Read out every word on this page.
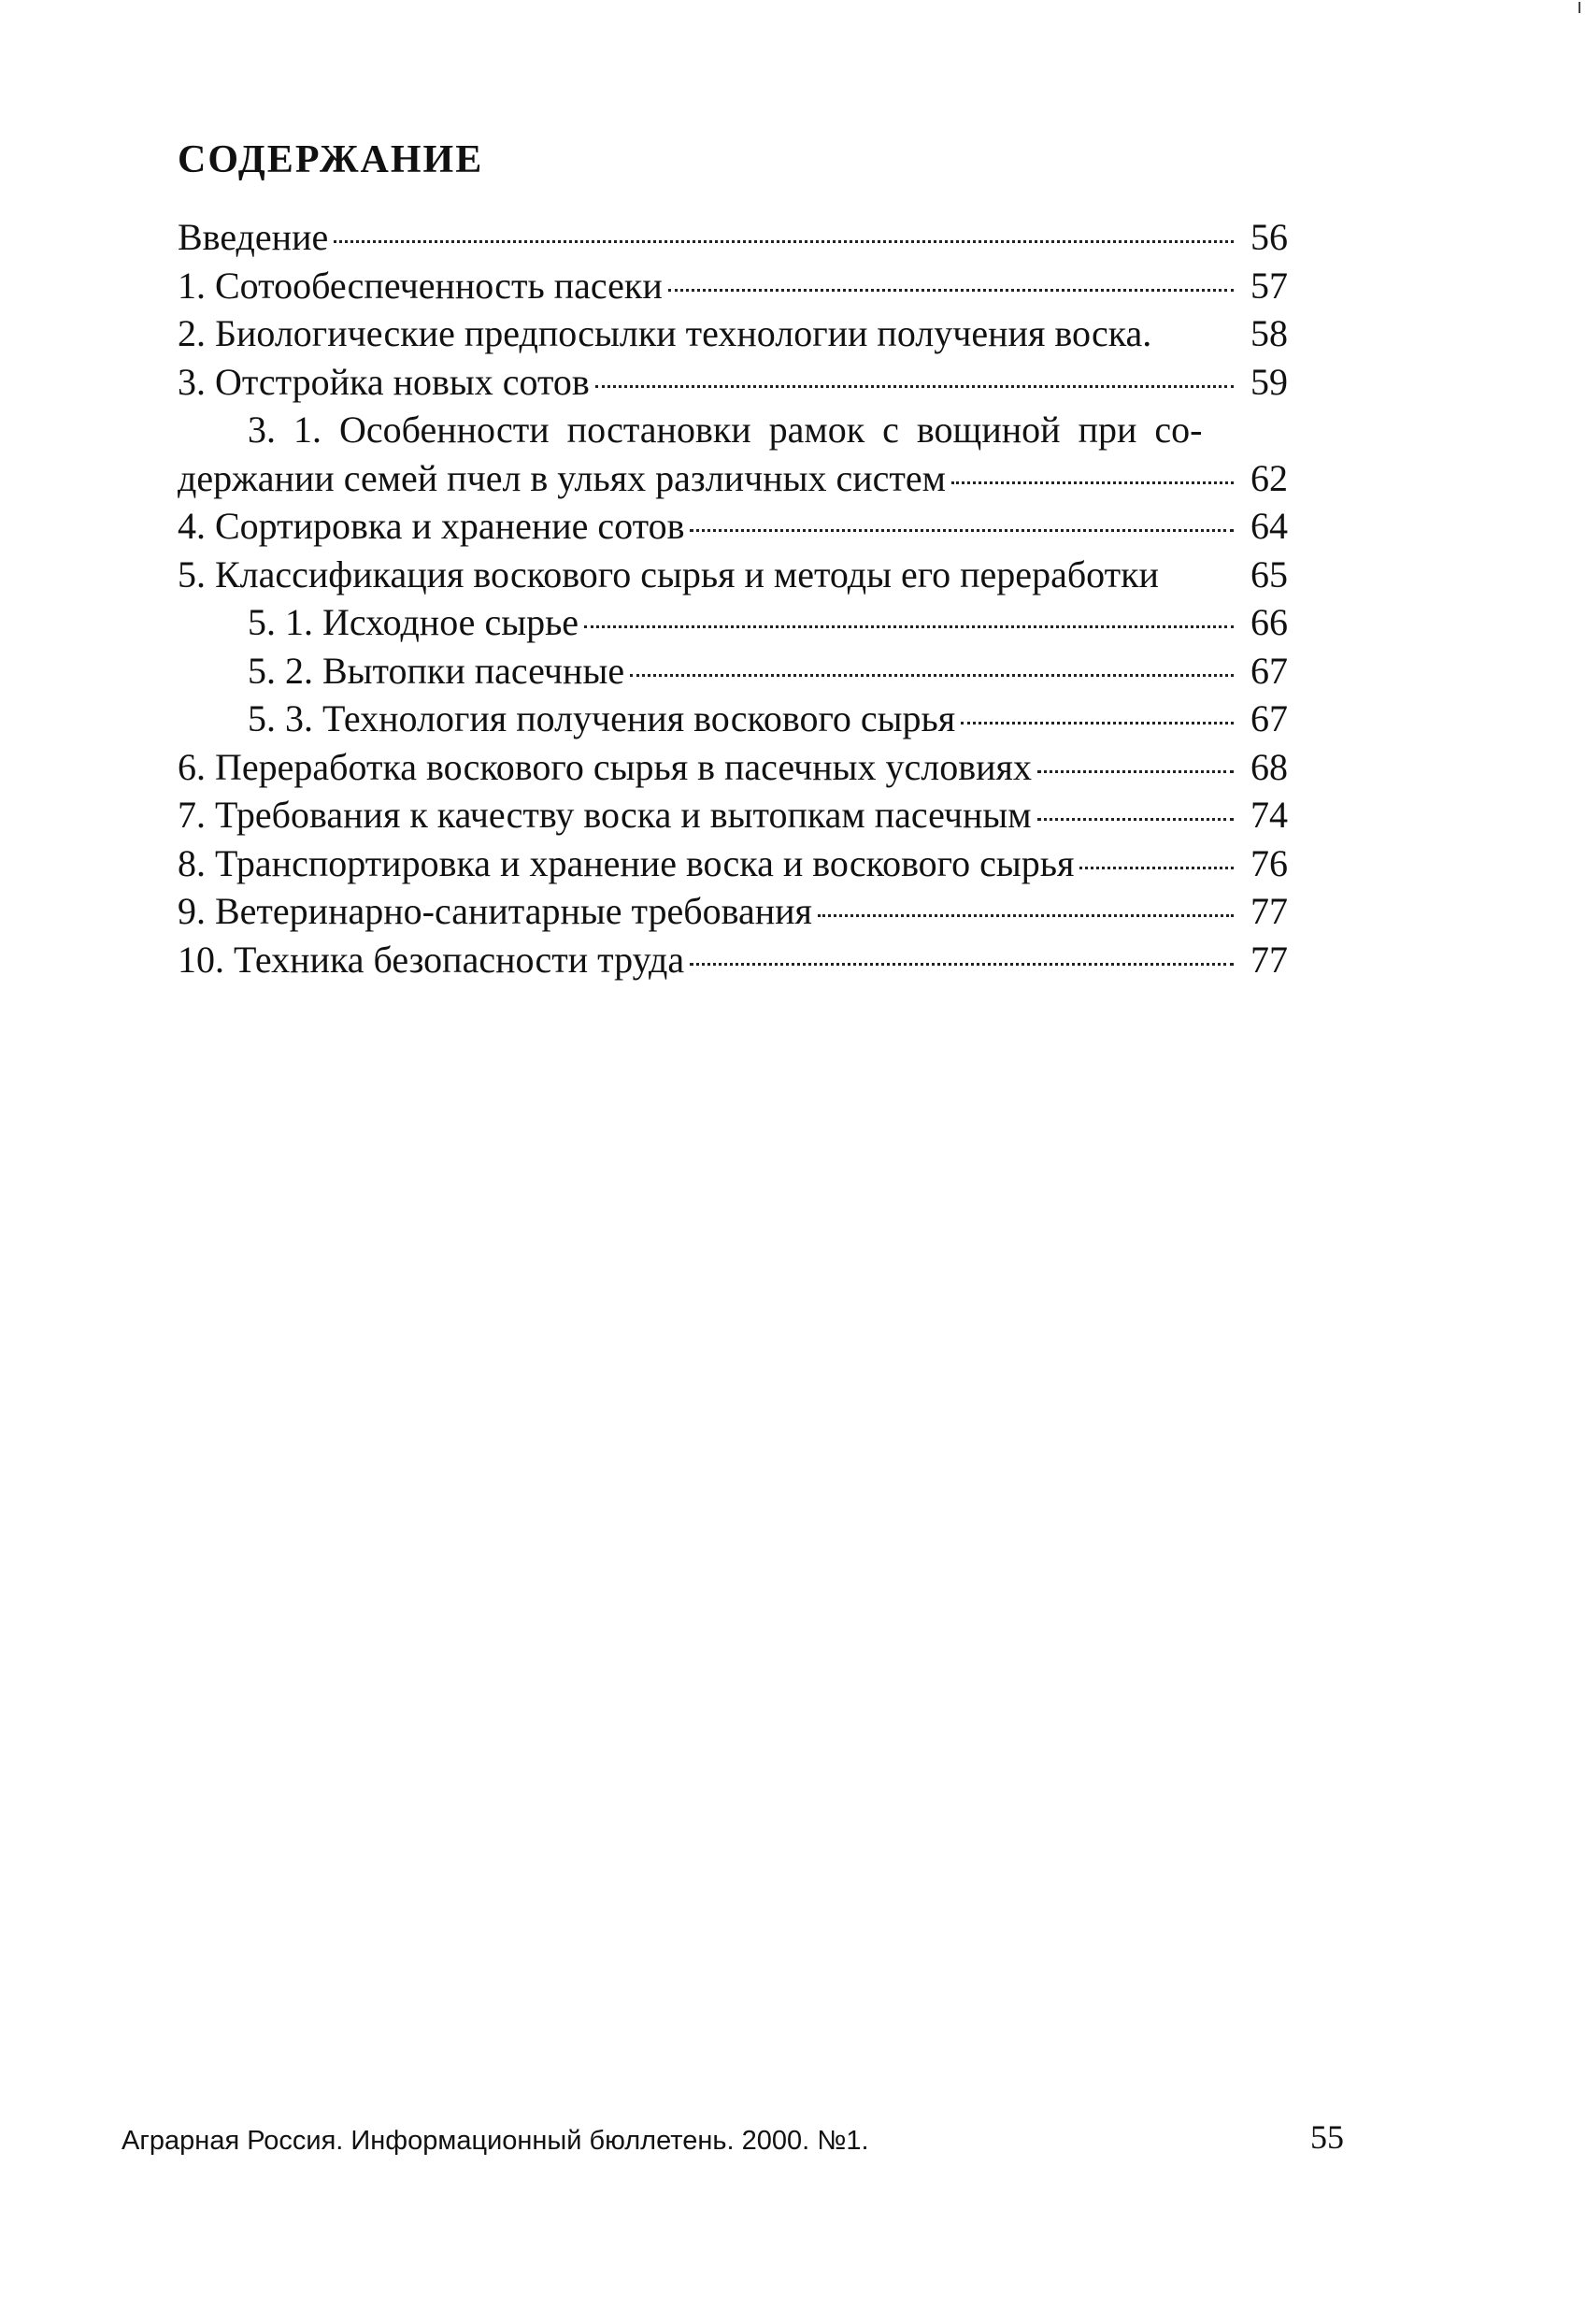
СОДЕРЖАНИЕ
Введение	56
1. Сотообеспеченность пасеки	57
2. Биологические предпосылки технологии получения воска.	58
3. Отстройка новых сотов	59
3. 1. Особенности постановки рамок с вощиной при со-
держании семей пчел в ульях различных систем	62
4. Сортировка и хранение сотов	64
5. Классификация воскового сырья и методы его переработки	65
5. 1. Исходное сырье	66
5. 2. Вытопки пасечные	67
5. 3. Технология получения воскового сырья	67
6. Переработка воскового сырья в пасечных условиях	68
7. Требования к качеству воска и вытопкам пасечным	74
8. Транспортировка и хранение воска и воскового сырья	76
9. Ветеринарно-санитарные требования	77
10. Техника безопасности труда	77
Аграрная Россия. Информационный бюллетень. 2000. №1.	55
